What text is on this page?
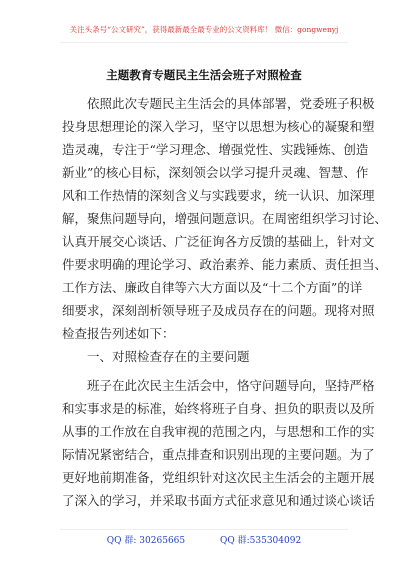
关注头条号“公文研究”，获得最新最全最专业的公文资料库！ 微信：gongwenyj
主题教育专题民主生活会班子对照检查
依照此次专题民主生活会的具体部署，党委班子积极
投身思想理论的深入学习，坚守以思想为核心的凝聚和塑
造灵魂，专注于“学习理念、增强党性、实践锤炼、创造
新业”的核心目标，深刻领会以学习提升灵魂、智慧、作
风和工作热情的深刻含义与实践要求，统一认识、加深理
解，聚焦问题导向，增强问题意识。在周密组织学习讨论、
认真开展交心谈话、广泛征询各方反馈的基础上，针对文
件要求明确的理论学习、政治素养、能力素质、责任担当、
工作方法、廉政自律等六大方面以及“十二个方面”的详
细要求，深刻剖析领导班子及成员存在的问题。现将对照
检查报告列述如下：
一、对照检查存在的主要问题
班子在此次民主生活会中，恪守问题导向，坚持严格
和实事求是的标准，始终将班子自身、担负的职责以及所
从事的工作放在自我审视的范围之内，与思想和工作的实
际情况紧密结合，重点排查和识别出现的主要问题。为了
更好地前期准备，党组织针对这次民主生活会的主题开展
了深入的学习，并采取书面方式征求意见和通过谈心谈话
QQ 群: 30265665	QQ 群:535304092
